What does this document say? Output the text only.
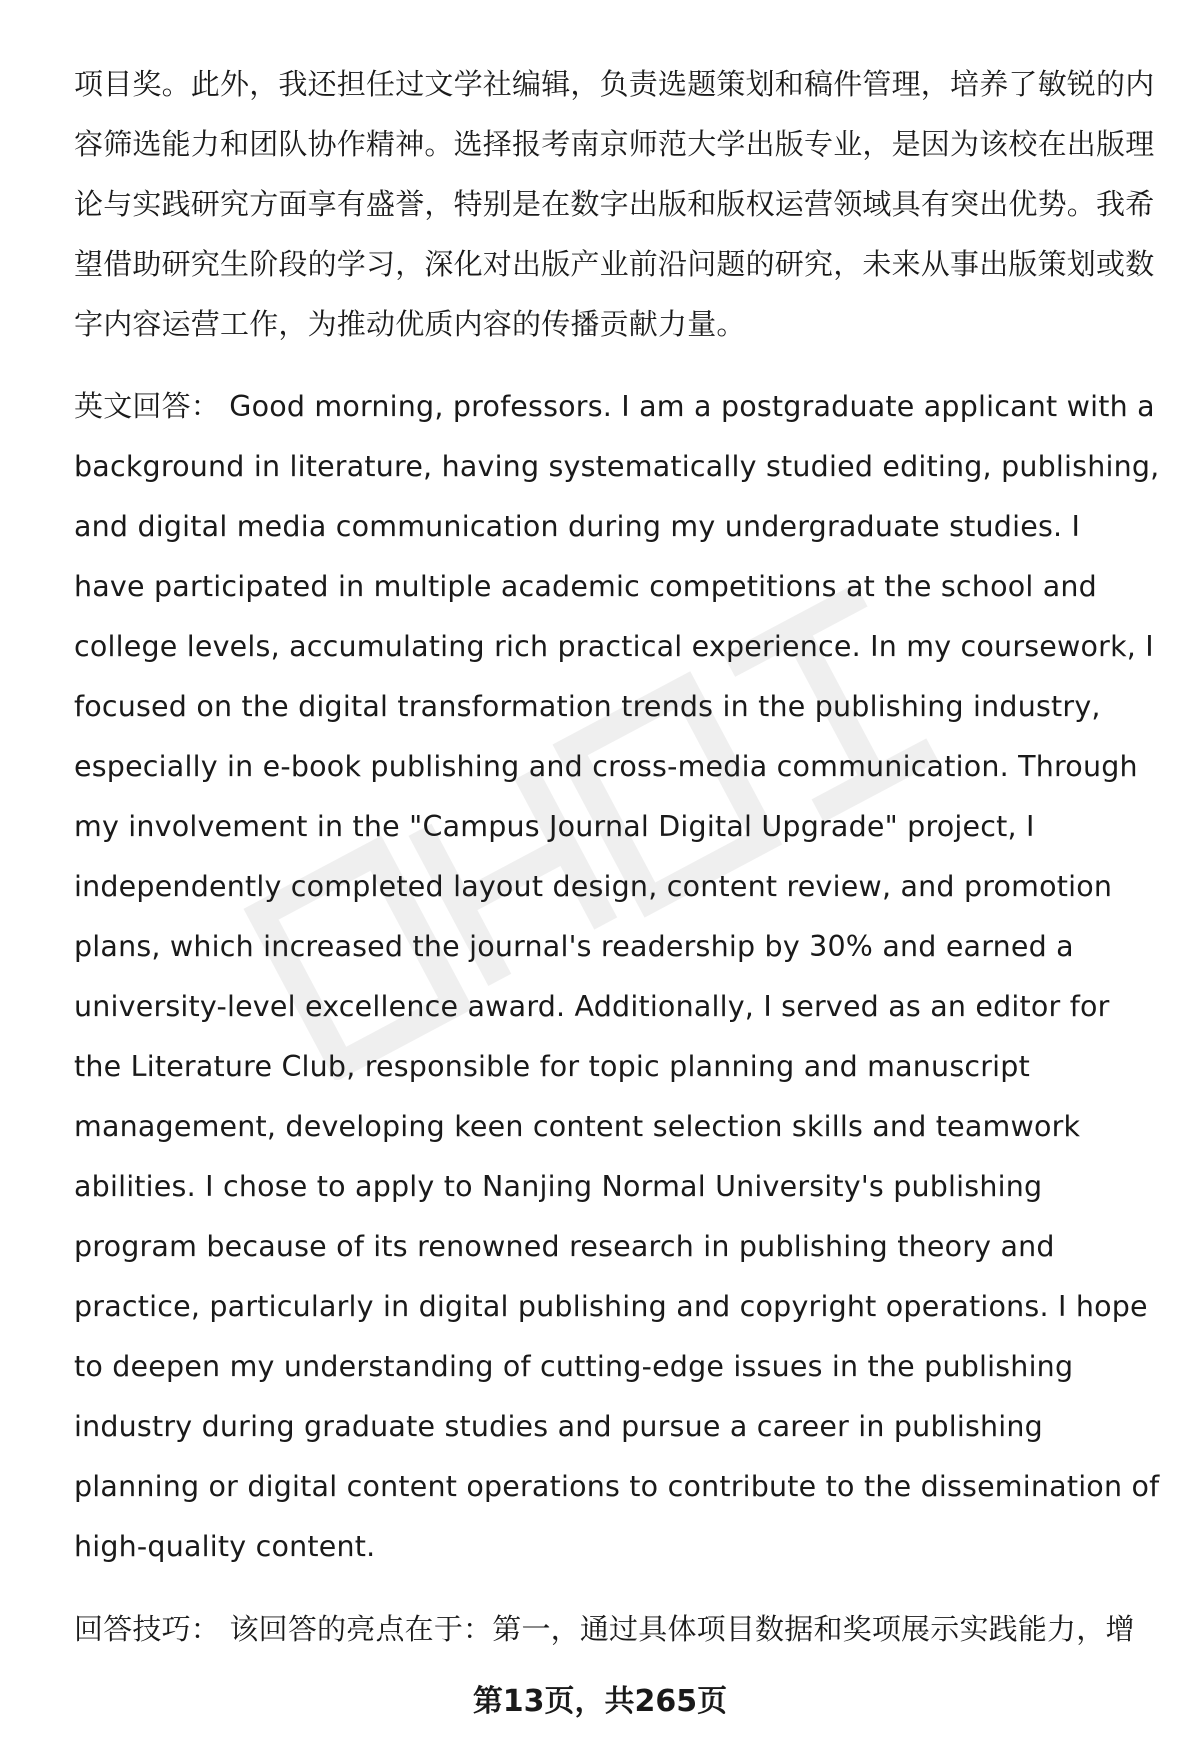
项目奖。此外，我还担任过文学社编辑，负责选题策划和稿件管理，培养了敏锐的内容筛选能力和团队协作精神。选择报考南京师范大学出版专业，是因为该校在出版理论与实践研究方面享有盛誉，特别是在数字出版和版权运营领域具有突出优势。我希望借助研究生阶段的学习，深化对出版产业前沿问题的研究，未来从事出版策划或数字内容运营工作，为推动优质内容的传播贡献力量。

英文回答： Good morning, professors. I am a postgraduate applicant with a background in literature, having systematically studied editing, publishing, and digital media communication during my undergraduate studies. I have participated in multiple academic competitions at the school and college levels, accumulating rich practical experience. In my coursework, I focused on the digital transformation trends in the publishing industry, especially in e-book publishing and cross-media communication. Through my involvement in the "Campus Journal Digital Upgrade" project, I independently completed layout design, content review, and promotion plans, which increased the journal's readership by 30% and earned a university-level excellence award. Additionally, I served as an editor for the Literature Club, responsible for topic planning and manuscript management, developing keen content selection skills and teamwork abilities. I chose to apply to Nanjing Normal University's publishing program because of its renowned research in publishing theory and practice, particularly in digital publishing and copyright operations. I hope to deepen my understanding of cutting-edge issues in the publishing industry during graduate studies and pursue a career in publishing planning or digital content operations to contribute to the dissemination of high-quality content.

回答技巧： 该回答的亮点在于：第一，通过具体项目数据和奖项展示实践能力，增

第13页，共265页
